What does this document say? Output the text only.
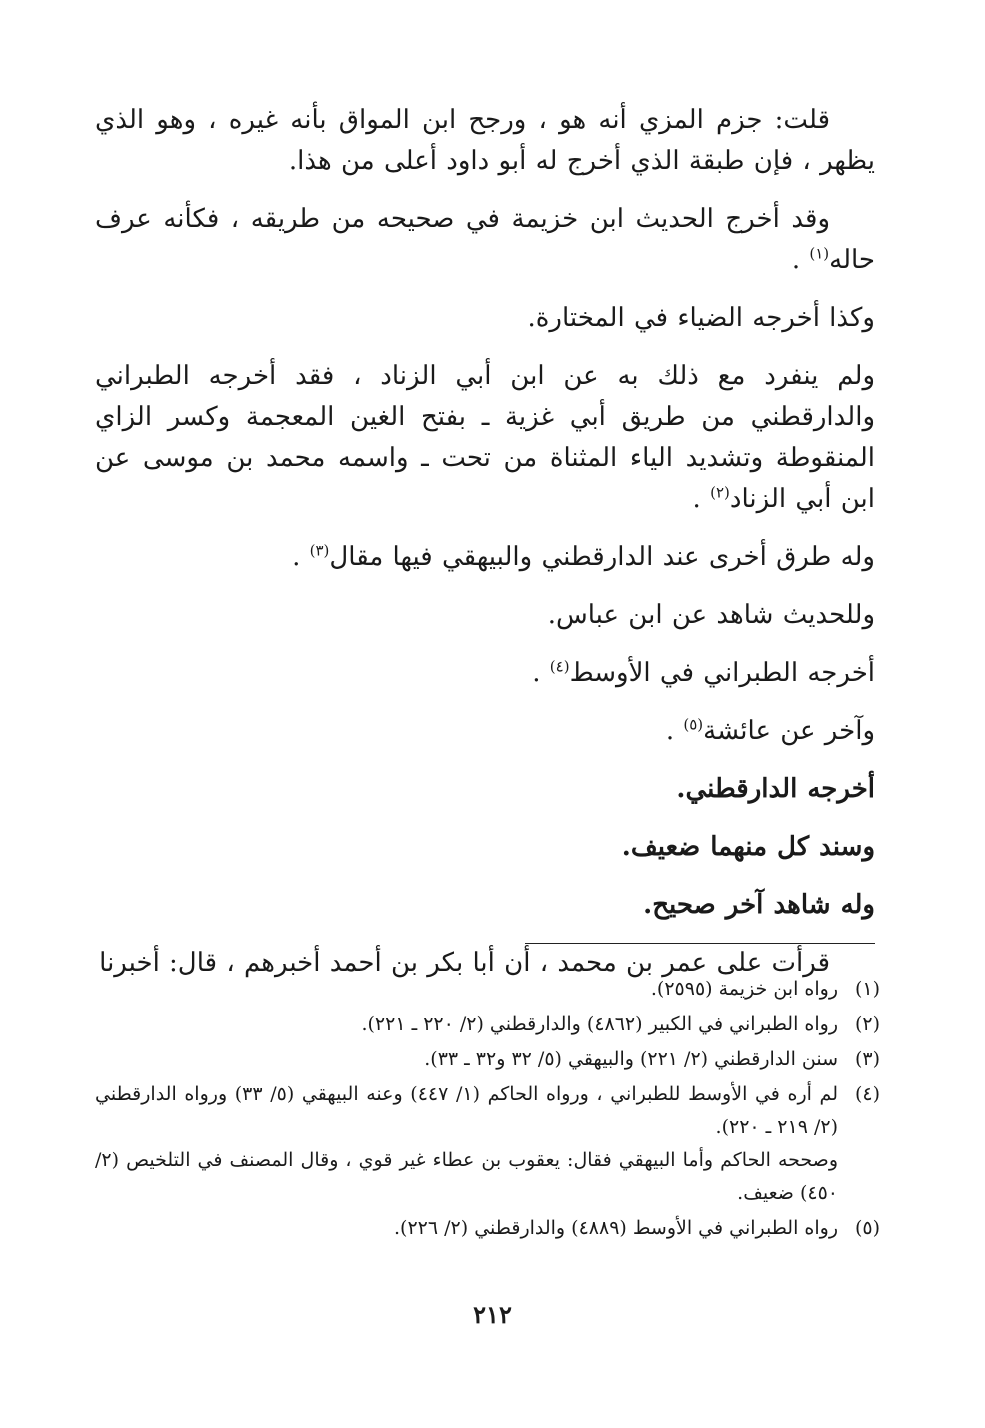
قلت: جزم المزي أنه هو ، ورجح ابن المواق بأنه غيره ، وهو الذي يظهر ، فإن طبقة الذي أخرج له أبو داود أعلى من هذا.

وقد أخرج الحديث ابن خزيمة في صحيحه من طريقه ، فكأنه عرف حاله$^{(١)}$ .

وكذا أخرجه الضياء في المختارة.

ولم ينفرد مع ذلك به عن ابن أبي الزناد ، فقد أخرجه الطبراني والدارقطني من طريق أبي غزية ـ بفتح الغين المعجمة وكسر الزاي المنقوطة وتشديد الياء المثناة من تحت ـ واسمه محمد بن موسى عن ابن أبي الزناد$^{(٢)}$ .

وله طرق أخرى عند الدارقطني والبيهقي فيها مقال$^{(٣)}$ .

وللحديث شاهد عن ابن عباس.

أخرجه الطبراني في الأوسط$^{(٤)}$ .

وآخر عن عائشة$^{(٥)}$ .

أخرجه الدارقطني.

وسند كل منهما ضعيف.

وله شاهد آخر صحيح.

قرأت على عمر بن محمد ، أن أبا بكر بن أحمد أخبرهم ، قال: أخبرنا

(١)

رواه ابن خزيمة (٢٥٩٥).

(٢)

رواه الطبراني في الكبير (٤٨٦٢) والدارقطني (٢/ ٢٢٠ ـ ٢٢١).

(٣)

سنن الدارقطني (٢/ ٢٢١) والبيهقي (٥/ ٣٢ و٣٢ ـ ٣٣).

(٤)

لم أره في الأوسط للطبراني ، ورواه الحاكم (١/ ٤٤٧) وعنه البيهقي (٥/ ٣٣) ورواه الدارقطني (٢/ ٢١٩ ـ ٢٢٠).

وصححه الحاكم وأما البيهقي فقال: يعقوب بن عطاء غير قوي ، وقال المصنف في التلخيص (٢/ ٤٥٠) ضعيف.

(٥)

رواه الطبراني في الأوسط (٤٨٨٩) والدارقطني (٢/ ٢٢٦).

٢١٢
